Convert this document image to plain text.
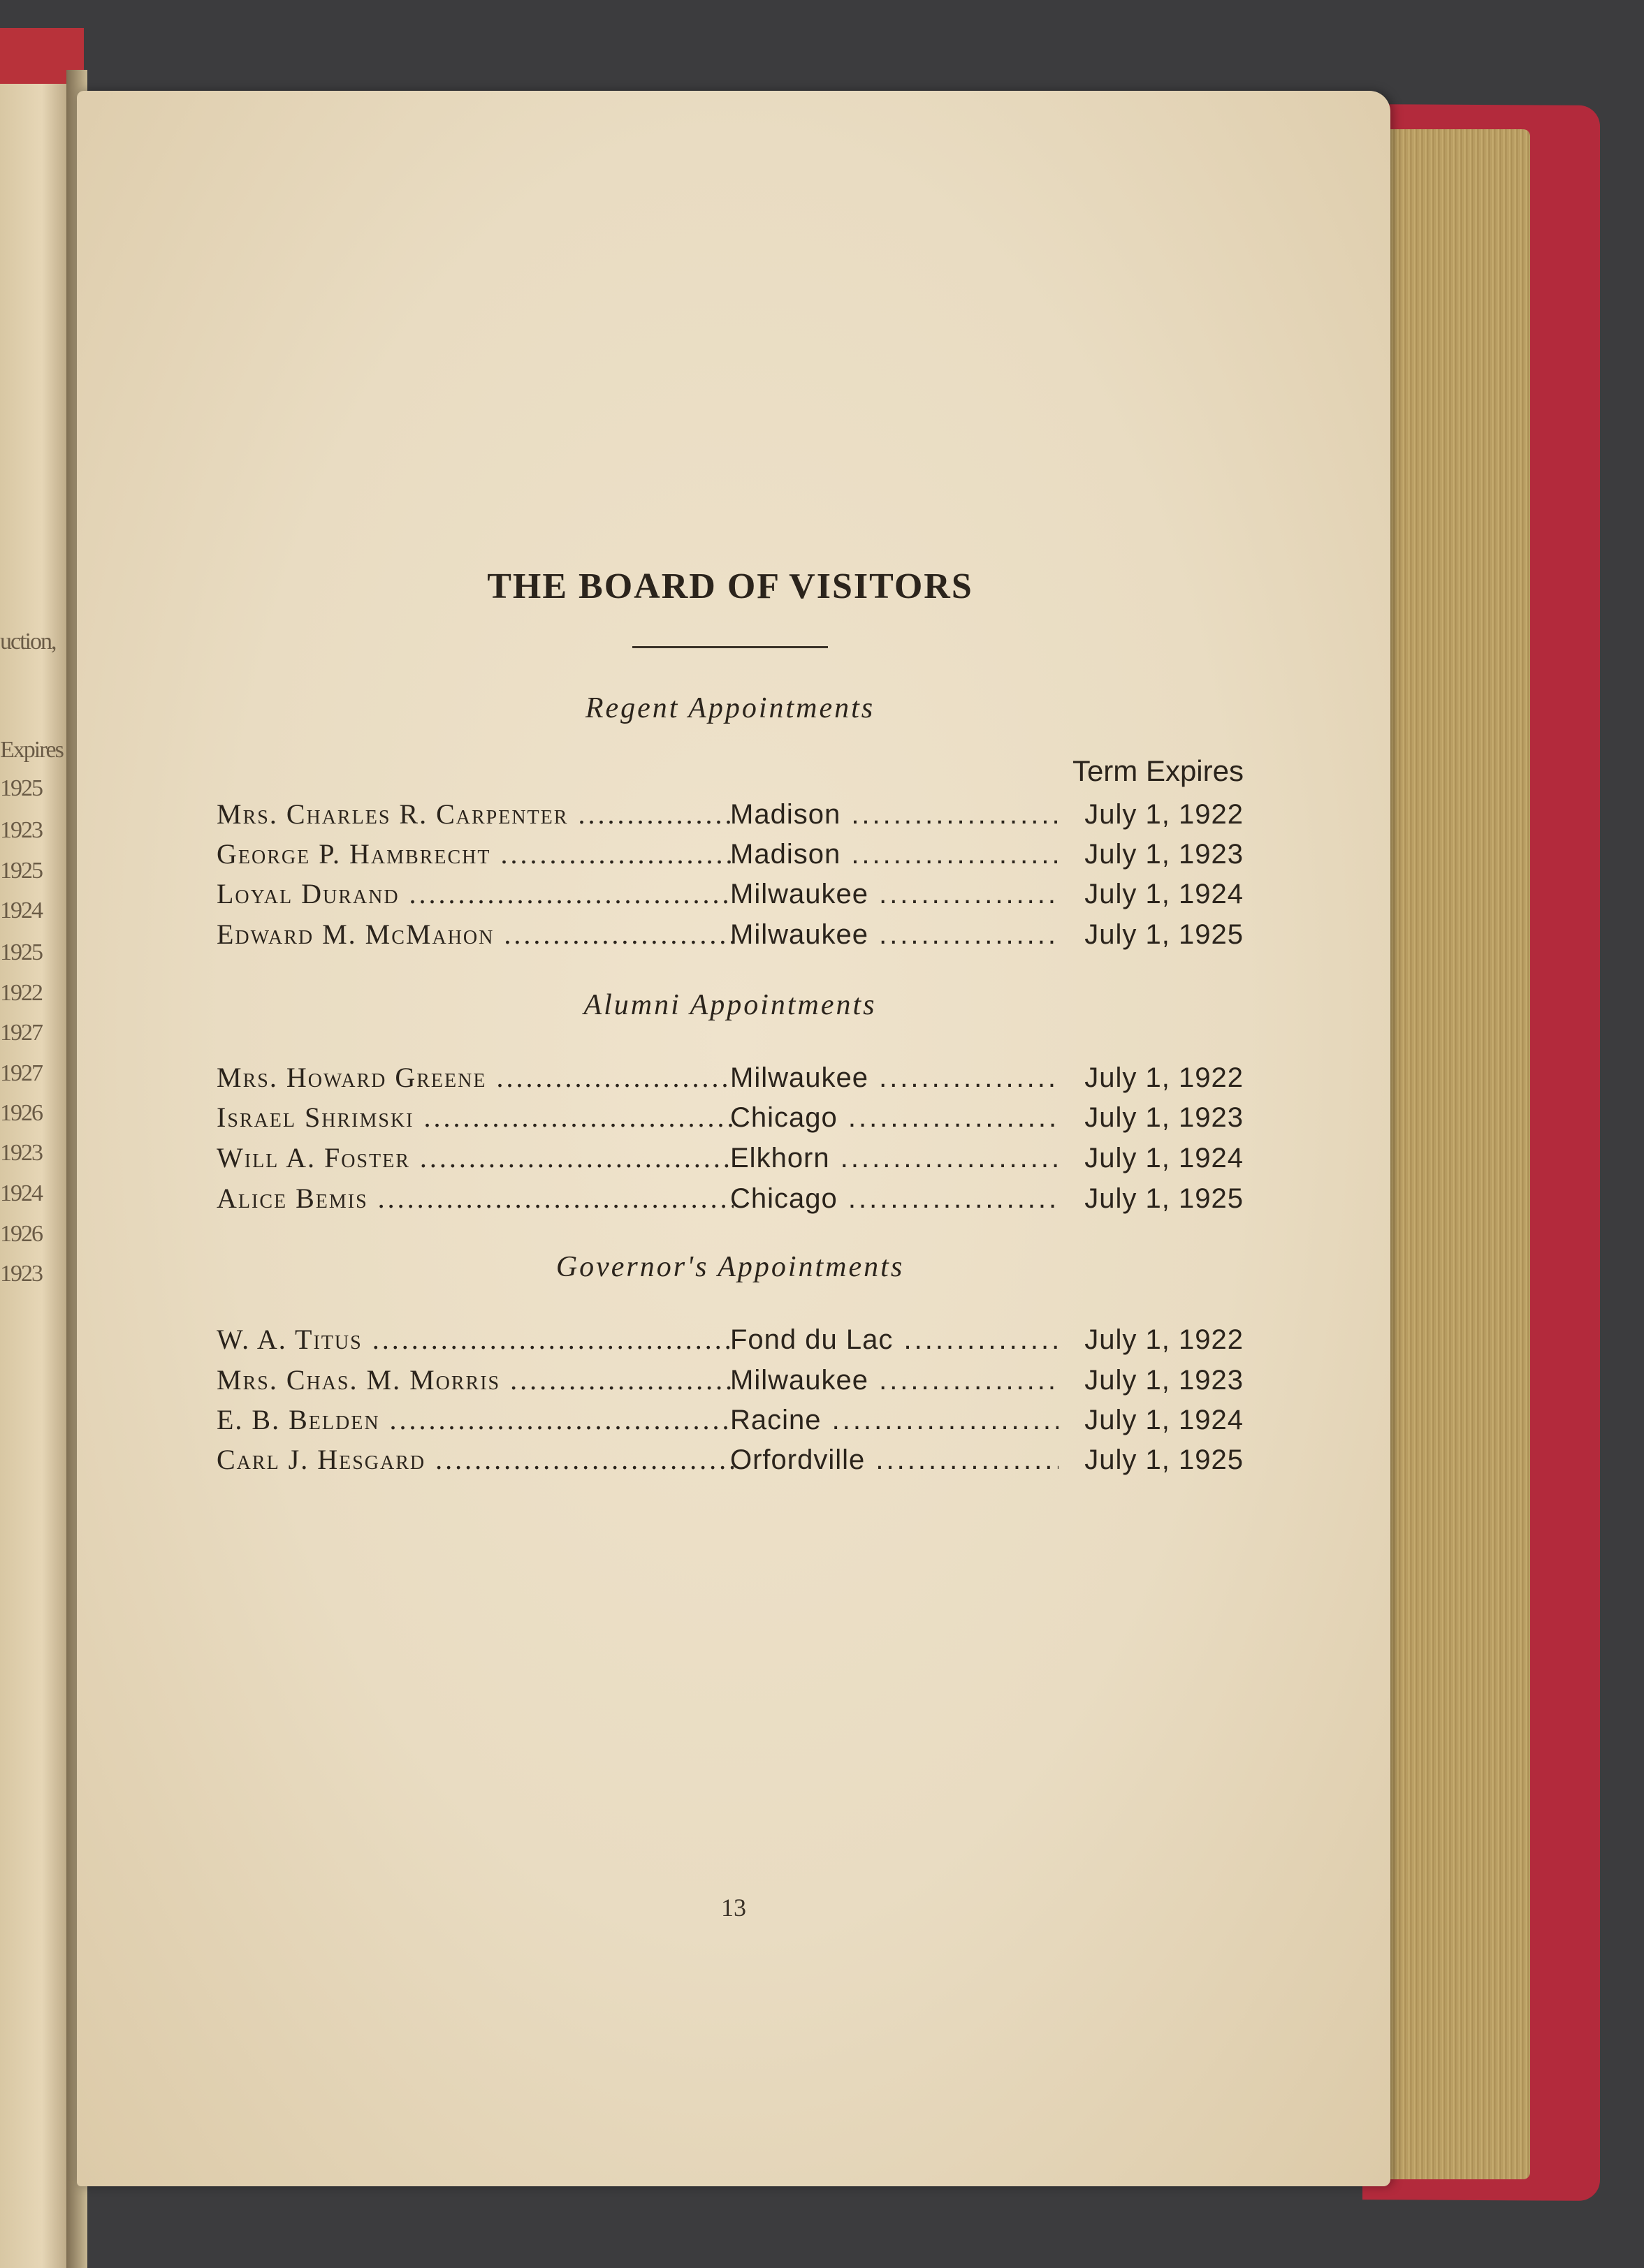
uction,
Expires
1925
1923
1925
1924
1925
1922
1927
1927
1926
1923
1924
1926
1923
THE BOARD OF VISITORS
Regent Appointments
Term Expires
Mrs. Charles R. Carpenter .....	Madison .....	July 1, 1922
George P. Hambrecht .....	Madison .....	July 1, 1923
Loyal Durand .....	Milwaukee .....	July 1, 1924
Edward M. McMahon .....	Milwaukee .....	July 1, 1925
Alumni Appointments
Mrs. Howard Greene .....	Milwaukee .....	July 1, 1922
Israel Shrimski .....	Chicago .....	July 1, 1923
Will A. Foster .....	Elkhorn .....	July 1, 1924
Alice Bemis .....	Chicago .....	July 1, 1925
Governor's Appointments
W. A. Titus .....	Fond du Lac .....	July 1, 1922
Mrs. Chas. M. Morris .....	Milwaukee .....	July 1, 1923
E. B. Belden .....	Racine .....	July 1, 1924
Carl J. Hesgard .....	Orfordville .....	July 1, 1925
13
